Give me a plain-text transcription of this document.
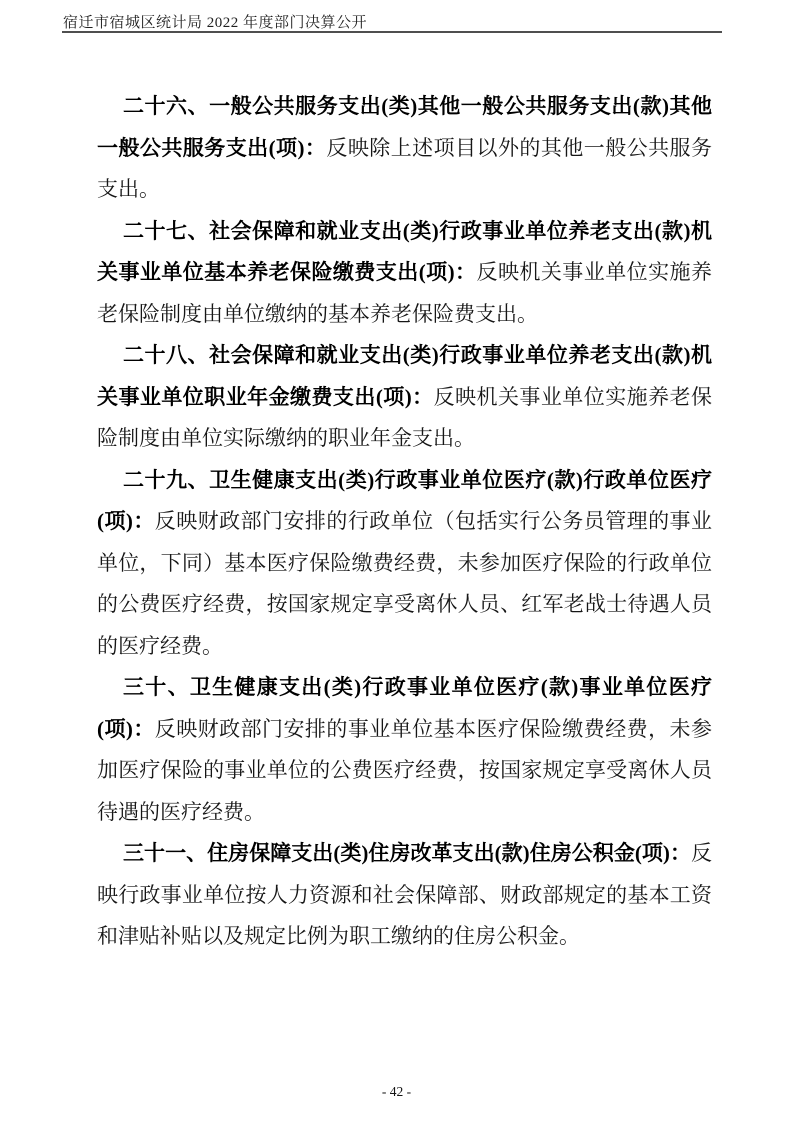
宿迁市宿城区统计局 2022 年度部门决算公开

二十六、一般公共服务支出(类)其他一般公共服务支出(款)其他一般公共服务支出(项)：反映除上述项目以外的其他一般公共服务支出。

二十七、社会保障和就业支出(类)行政事业单位养老支出(款)机关事业单位基本养老保险缴费支出(项)：反映机关事业单位实施养老保险制度由单位缴纳的基本养老保险费支出。

二十八、社会保障和就业支出(类)行政事业单位养老支出(款)机关事业单位职业年金缴费支出(项)：反映机关事业单位实施养老保险制度由单位实际缴纳的职业年金支出。

二十九、卫生健康支出(类)行政事业单位医疗(款)行政单位医疗(项)：反映财政部门安排的行政单位（包括实行公务员管理的事业单位，下同）基本医疗保险缴费经费，未参加医疗保险的行政单位的公费医疗经费，按国家规定享受离休人员、红军老战士待遇人员的医疗经费。

三十、卫生健康支出(类)行政事业单位医疗(款)事业单位医疗(项)：反映财政部门安排的事业单位基本医疗保险缴费经费，未参加医疗保险的事业单位的公费医疗经费，按国家规定享受离休人员待遇的医疗经费。

三十一、住房保障支出(类)住房改革支出(款)住房公积金(项)：反映行政事业单位按人力资源和社会保障部、财政部规定的基本工资和津贴补贴以及规定比例为职工缴纳的住房公积金。

- 42 -
